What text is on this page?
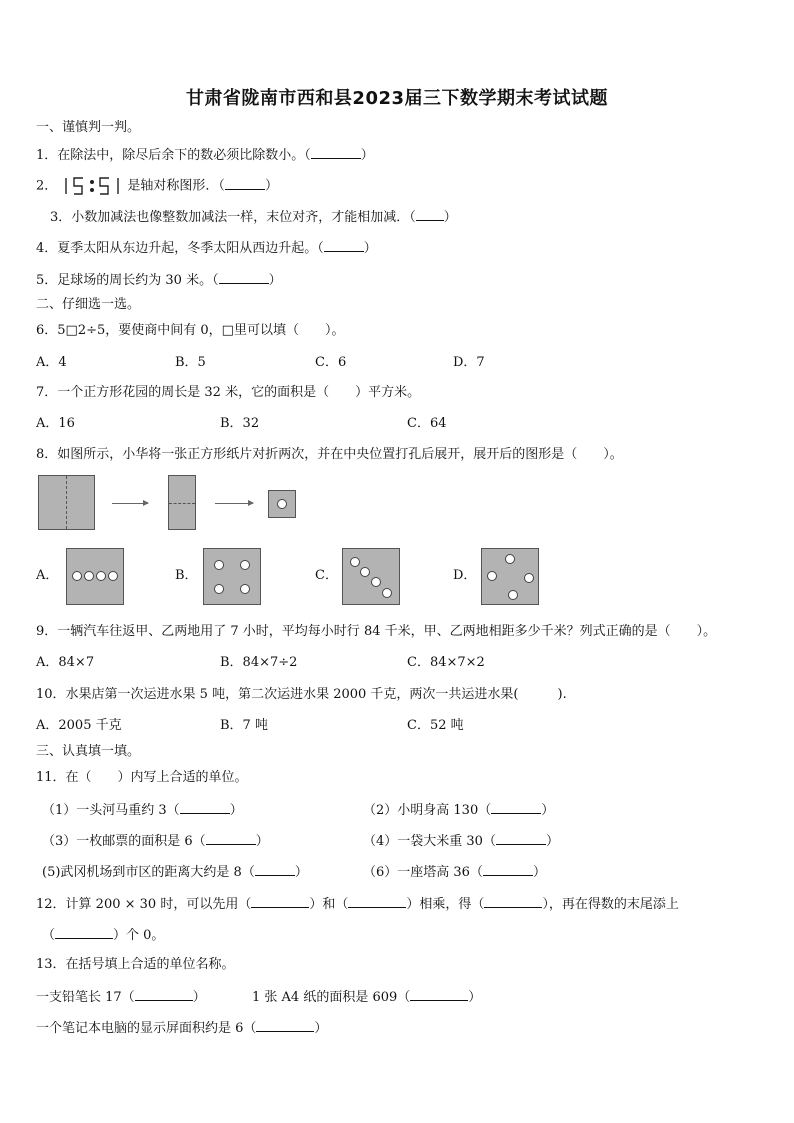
甘肃省陇南市西和县2023届三下数学期末考试试题
一、谨慎判一判。
1．在除法中，除尽后余下的数必须比除数小。（	）
2．	是轴对称图形．（	）
3．小数加减法也像整数加减法一样，末位对齐，才能相加减．（ ）
4．夏季太阳从东边升起，冬季太阳从西边升起。（	）
5．足球场的周长约为 30 米。（	）
二、仔细选一选。
6．5□2÷5，要使商中间有 0，□里可以填（　　）。
A．4	B．5	C．6	D．7
7．一个正方形花园的周长是 32 米，它的面积是（　　）平方米。
A．16	B．32	C．64
8．如图所示，小华将一张正方形纸片对折两次，并在中央位置打孔后展开，展开后的图形是（　　）。
A．	B．	C．	D．
9．一辆汽车往返甲、乙两地用了 7 小时，平均每小时行 84 千米，甲、乙两地相距多少千米？列式正确的是（　　）。
A．84×7	B．84×7÷2	C．84×7×2
10．水果店第一次运进水果 5 吨，第二次运进水果 2000 千克，两次一共运进水果(　　　).
A．2005 千克	B．7 吨	C．52 吨
三、认真填一填。
11．在（　　）内写上合适的单位。
（1）一头河马重约 3（	）	（2）小明身高 130（	）
（3）一枚邮票的面积是 6（	）	（4）一袋大米重 30（	）
(5)武冈机场到市区的距离大约是 8（	）	（6）一座塔高 36（	）
12．计算 200 × 30 时，可以先用（	）和（	）相乘，得（	），再在得数的末尾添上
（	）个 0。
13．在括号填上合适的单位名称。
一支铅笔长 17（	）	1 张 A4 纸的面积是 609（	）
一个笔记本电脑的显示屏面积约是 6（	）
